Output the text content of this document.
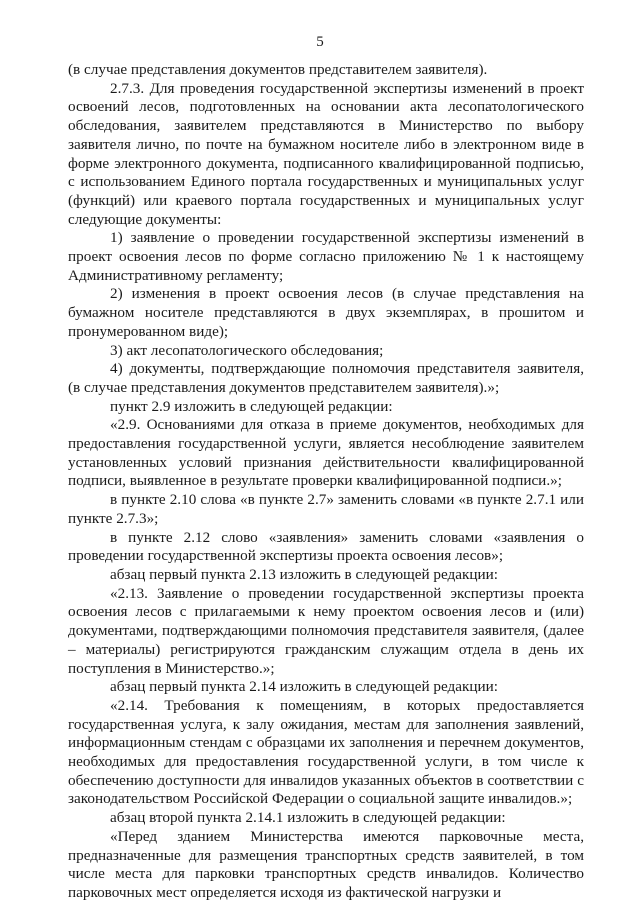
5

(в случае представления документов представителем заявителя).

2.7.3. Для проведения государственной экспертизы изменений в проект освоений лесов, подготовленных на основании акта лесопатологического обследования, заявителем представляются в Министерство по выбору заявителя лично, по почте на бумажном носителе либо в электронном виде в форме электронного документа, подписанного квалифицированной подписью, с использованием Единого портала государственных и муниципальных услуг (функций) или краевого портала государственных и муниципальных услуг следующие документы:

1) заявление о проведении государственной экспертизы изменений в проект освоения лесов по форме согласно приложению № 1 к настоящему Административному регламенту;

2) изменения в проект освоения лесов (в случае представления на бумажном носителе представляются в двух экземплярах, в прошитом и пронумерованном виде);

3) акт лесопатологического обследования;

4) документы, подтверждающие полномочия представителя заявителя, (в случае представления документов представителем заявителя).»;

пункт 2.9 изложить в следующей редакции:

«2.9. Основаниями для отказа в приеме документов, необходимых для предоставления государственной услуги, является несоблюдение заявителем установленных условий признания действительности квалифицированной подписи, выявленное в результате проверки квалифицированной подписи.»;

в пункте 2.10 слова «в пункте 2.7» заменить словами «в пункте 2.7.1 или пункте 2.7.3»;

в пункте 2.12 слово «заявления» заменить словами «заявления о проведении государственной экспертизы проекта освоения лесов»;

абзац первый пункта 2.13 изложить в следующей редакции:

«2.13. Заявление о проведении государственной экспертизы проекта освоения лесов с прилагаемыми к нему проектом освоения лесов и (или) документами, подтверждающими полномочия представителя заявителя, (далее – материалы) регистрируются гражданским служащим отдела в день их поступления в Министерство.»;

абзац первый пункта 2.14 изложить в следующей редакции:

«2.14. Требования к помещениям, в которых предоставляется государственная услуга, к залу ожидания, местам для заполнения заявлений, информационным стендам с образцами их заполнения и перечнем документов, необходимых для предоставления государственной услуги, в том числе к обеспечению доступности для инвалидов указанных объектов в соответствии с законодательством Российской Федерации о социальной защите инвалидов.»;

абзац второй пункта 2.14.1 изложить в следующей редакции:

«Перед зданием Министерства имеются парковочные места, предназначенные для размещения транспортных средств заявителей, в том числе места для парковки транспортных средств инвалидов. Количество парковочных мест определяется исходя из фактической нагрузки и
